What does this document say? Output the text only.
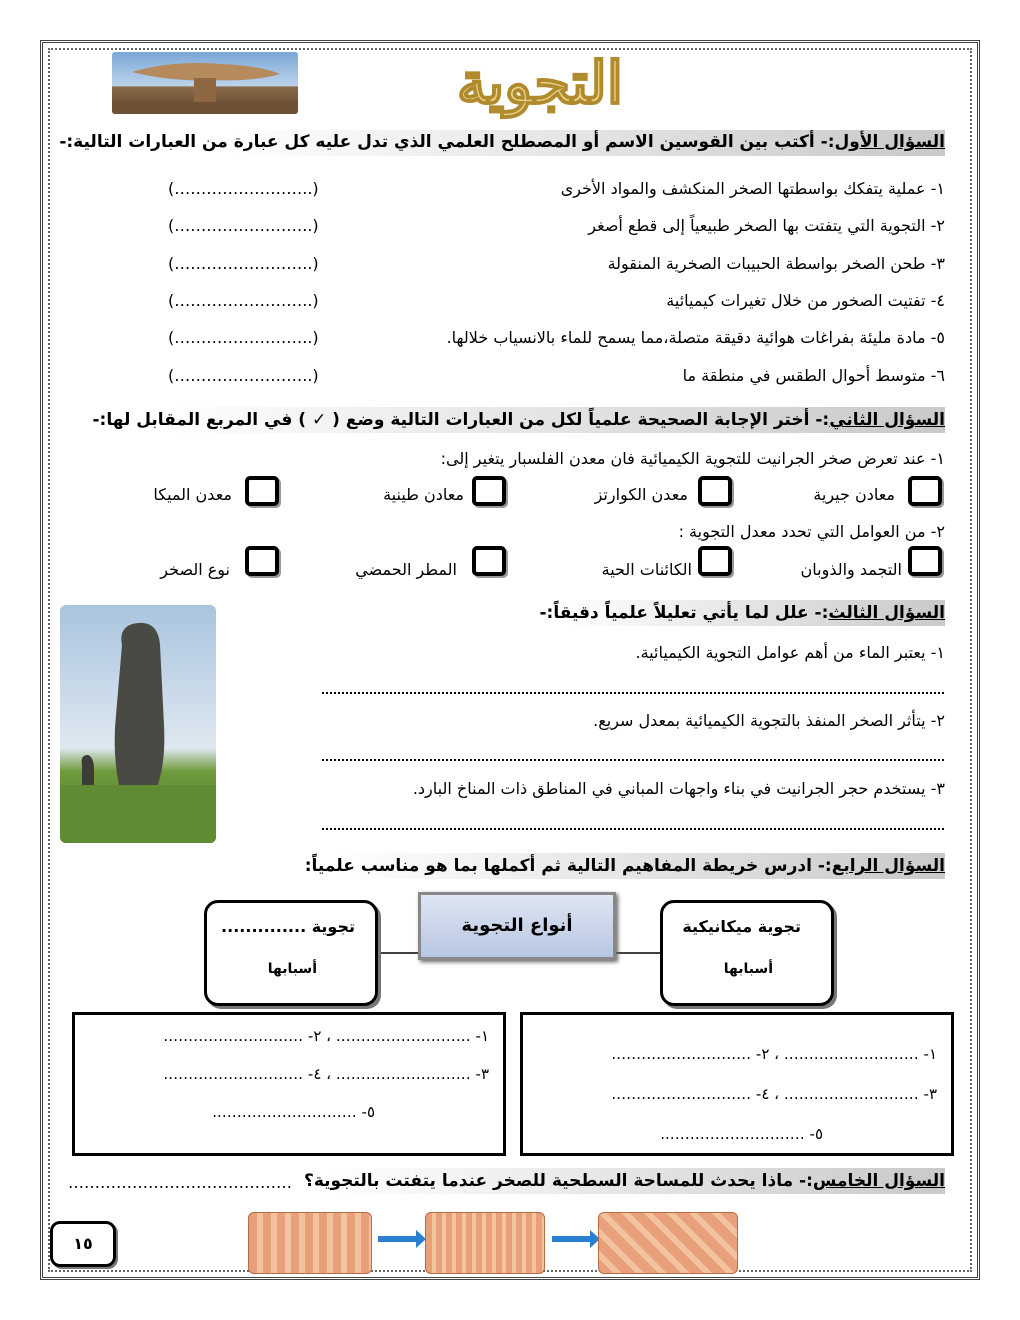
التجوية
السؤال الأول:- أكتب بين القوسين الاسم أو المصطلح العلمي الذي تدل عليه كل عبارة من العبارات التالية:-
١- عملية يتفكك بواسطتها الصخر المنكشف والمواد الأخرى
(……………………..)
٢- التجوية التي يتفتت بها الصخر طبيعياً إلى قطع أصغر
(……………………..)
٣- طحن الصخر بواسطة الحبيبات الصخرية المنقولة
(……………………..)
٤- تفتيت الصخور من خلال تغيرات كيميائية
(……………………..)
٥- مادة مليئة بفراغات هوائية دقيقة متصلة،مما يسمح للماء بالانسياب خلالها.
(……………………..)
٦- متوسط أحوال الطقس في منطقة ما
(……………………..)
السؤال الثاني:- أختر الإجابة الصحيحة علمياً لكل من العبارات التالية وضع ( ✓ ) في المربع المقابل لها:-
١- عند تعرض صخر الجرانيت للتجوية الكيميائية فان معدن الفلسبار يتغير إلى:
معادن جيرية
معدن الكوارتز
معادن طينية
معدن الميكا
٢- من العوامل التي تحدد معدل التجوية :
التجمد والذوبان
الكائنات الحية
المطر الحمضي
نوع الصخر
السؤال الثالث:- علل لما يأتي تعليلاً علمياً دقيقاً:-
١- يعتبر الماء من أهم عوامل التجوية الكيميائية.
٢- يتأثر الصخر المنفذ بالتجوية الكيميائية بمعدل سريع.
٣- يستخدم حجر الجرانيت في بناء واجهات المباني في المناطق ذات المناخ البارد.
السؤال الرابع:- ادرس خريطة المفاهيم التالية ثم أكملها بما هو مناسب علمياً:
تجوية ميكانيكية
أسبابها
تجوية ..............
أسبابها
أنواع التجوية
١- ……………………… ، ٢- ……………………….
٣- ……………………… ، ٤- ……………………….
٥- ………………………..
١- ……………………… ، ٢- ……………………….
٣- ……………………… ، ٤- ……………………….
٥- ………………………..
السؤال الخامس:- ماذا يحدث للمساحة السطحية للصخر عندما يتفتت بالتجوية؟
……………………………………
١٥
